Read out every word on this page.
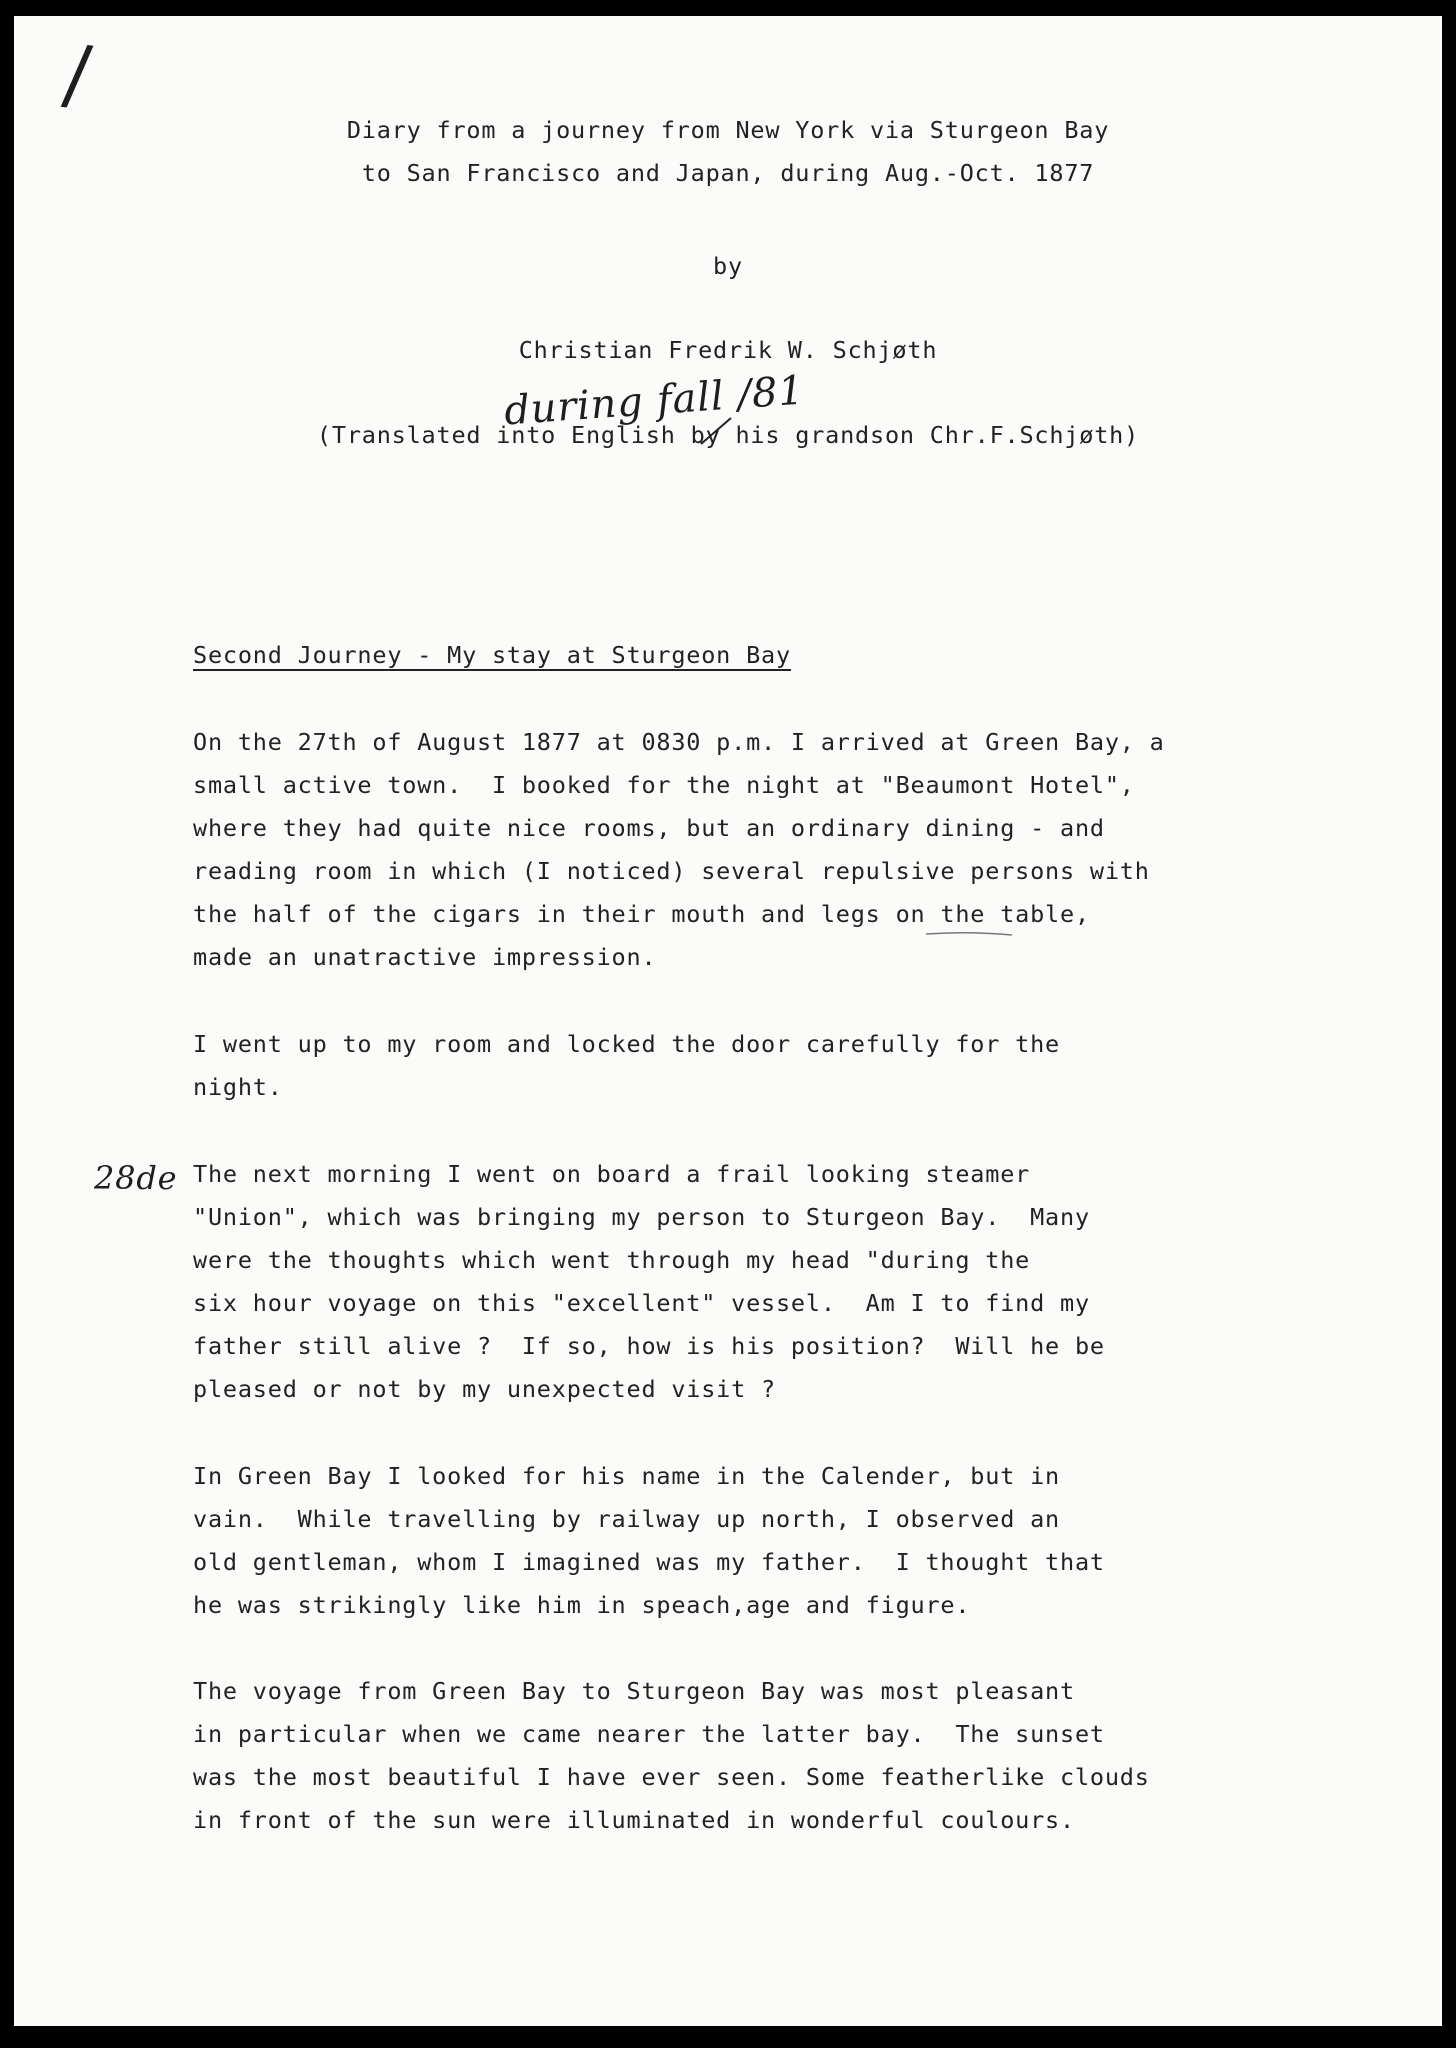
/
Diary from a journey from New York via Sturgeon Bay
to San Francisco and Japan, during Aug.-Oct. 1877
by
Christian Fredrik W. Schjøth
during fall /81
(Translated into English by his grandson Chr.F.Schjøth)
Second Journey - My stay at Sturgeon Bay
On the 27th of August 1877 at 0830 p.m. I arrived at Green Bay, a
small active town.  I booked for the night at "Beaumont Hotel",
where they had quite nice rooms, but an ordinary dining - and
reading room in which (I noticed) several repulsive persons with
the half of the cigars in their mouth and legs on the table,
made an unatractive impression.
I went up to my room and locked the door carefully for the
night.
28de The next morning I went on board a frail looking steamer
"Union", which was bringing my person to Sturgeon Bay.  Many
were the thoughts which went through my head "during the
six hour voyage on this "excellent" vessel.  Am I to find my
father still alive ?  If so, how is his position?  Will he be
pleased or not by my unexpected visit ?
In Green Bay I looked for his name in the Calender, but in
vain.  While travelling by railway up north, I observed an
old gentleman, whom I imagined was my father.  I thought that
he was strikingly like him in speach,age and figure.
The voyage from Green Bay to Sturgeon Bay was most pleasant
in particular when we came nearer the latter bay.  The sunset
was the most beautiful I have ever seen. Some featherlike clouds
in front of the sun were illuminated in wonderful coulours.
